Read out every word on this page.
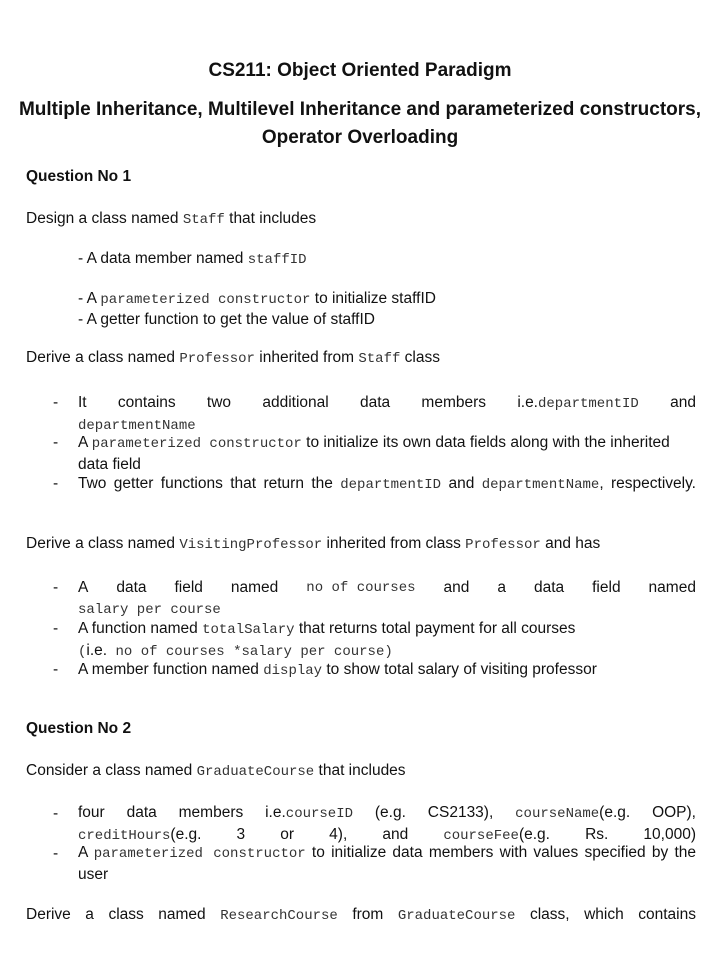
CS211: Object Oriented Paradigm
Multiple Inheritance, Multilevel Inheritance and parameterized constructors, Operator Overloading
Question No 1
Design a class named Staff that includes
- A data member named staffID
- A parameterized constructor to initialize staffID
- A getter function to get the value of staffID
Derive a class named Professor inherited from Staff class
- It contains two additional data members i.e.departmentID and
departmentName
- A parameterized constructor to initialize its own data fields along with the inherited data field
- Two getter functions that return the departmentID and departmentName, respectively.
Derive a class named VisitingProfessor inherited from class Professor and has
- A data field named no of courses and a data field named
salary per course
- A function named totalSalary that returns total payment for all courses
(i.e. no of courses *salary per course)
- A member function named display to show total salary of visiting professor
Question No 2
Consider a class named GraduateCourse that includes
- four data members i.e.courseID (e.g. CS2133), courseName(e.g. OOP), creditHours(e.g. 3 or 4), and courseFee(e.g. Rs. 10,000)
- A parameterized constructor to initialize data members with values specified by the user
Derive a class named ResearchCourse from GraduateCourse class, which contains
